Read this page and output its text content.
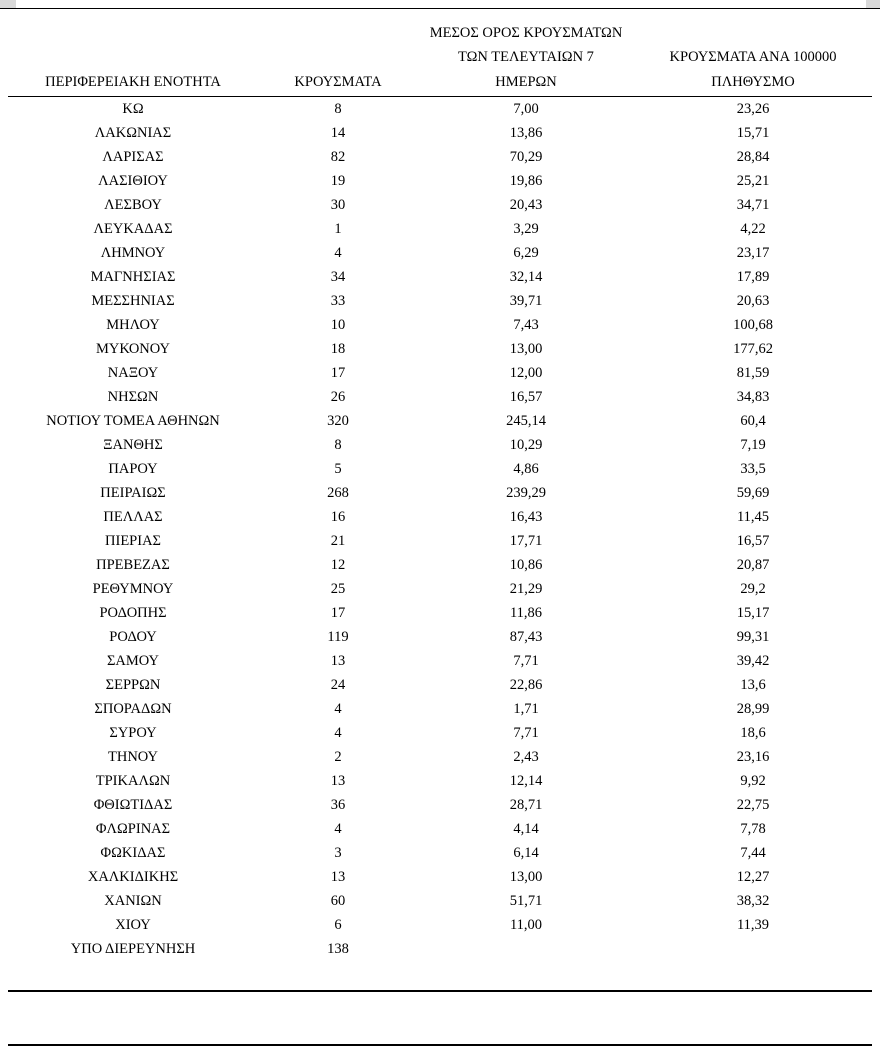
		ΜΕΣΟΣ ΟΡΟΣ ΚΡΟΥΣΜΑΤΩΝ	
		ΤΩΝ ΤΕΛΕΥΤΑΙΩΝ 7	ΚΡΟΥΣΜΑΤΑ ΑΝΑ 100000
ΠΕΡΙΦΕΡΕΙΑΚΗ ΕΝΟΤΗΤΑ	ΚΡΟΥΣΜΑΤΑ	ΗΜΕΡΩΝ	ΠΛΗΘΥΣΜΟ
ΚΩ	8	7,00	23,26
ΛΑΚΩΝΙΑΣ	14	13,86	15,71
ΛΑΡΙΣΑΣ	82	70,29	28,84
ΛΑΣΙΘΙΟΥ	19	19,86	25,21
ΛΕΣΒΟΥ	30	20,43	34,71
ΛΕΥΚΑΔΑΣ	1	3,29	4,22
ΛΗΜΝΟΥ	4	6,29	23,17
ΜΑΓΝΗΣΙΑΣ	34	32,14	17,89
ΜΕΣΣΗΝΙΑΣ	33	39,71	20,63
ΜΗΛΟΥ	10	7,43	100,68
ΜΥΚΟΝΟΥ	18	13,00	177,62
ΝΑΞΟΥ	17	12,00	81,59
ΝΗΣΩΝ	26	16,57	34,83
ΝΟΤΙΟΥ ΤΟΜΕΑ ΑΘΗΝΩΝ	320	245,14	60,4
ΞΑΝΘΗΣ	8	10,29	7,19
ΠΑΡΟΥ	5	4,86	33,5
ΠΕΙΡΑΙΩΣ	268	239,29	59,69
ΠΕΛΛΑΣ	16	16,43	11,45
ΠΙΕΡΙΑΣ	21	17,71	16,57
ΠΡΕΒΕΖΑΣ	12	10,86	20,87
ΡΕΘΥΜΝΟΥ	25	21,29	29,2
ΡΟΔΟΠΗΣ	17	11,86	15,17
ΡΟΔΟΥ	119	87,43	99,31
ΣΑΜΟΥ	13	7,71	39,42
ΣΕΡΡΩΝ	24	22,86	13,6
ΣΠΟΡΑΔΩΝ	4	1,71	28,99
ΣΥΡΟΥ	4	7,71	18,6
ΤΗΝΟΥ	2	2,43	23,16
ΤΡΙΚΑΛΩΝ	13	12,14	9,92
ΦΘΙΩΤΙΔΑΣ	36	28,71	22,75
ΦΛΩΡΙΝΑΣ	4	4,14	7,78
ΦΩΚΙΔΑΣ	3	6,14	7,44
ΧΑΛΚΙΔΙΚΗΣ	13	13,00	12,27
ΧΑΝΙΩΝ	60	51,71	38,32
ΧΙΟΥ	6	11,00	11,39
ΥΠΟ ΔΙΕΡΕΥΝΗΣΗ	138		
